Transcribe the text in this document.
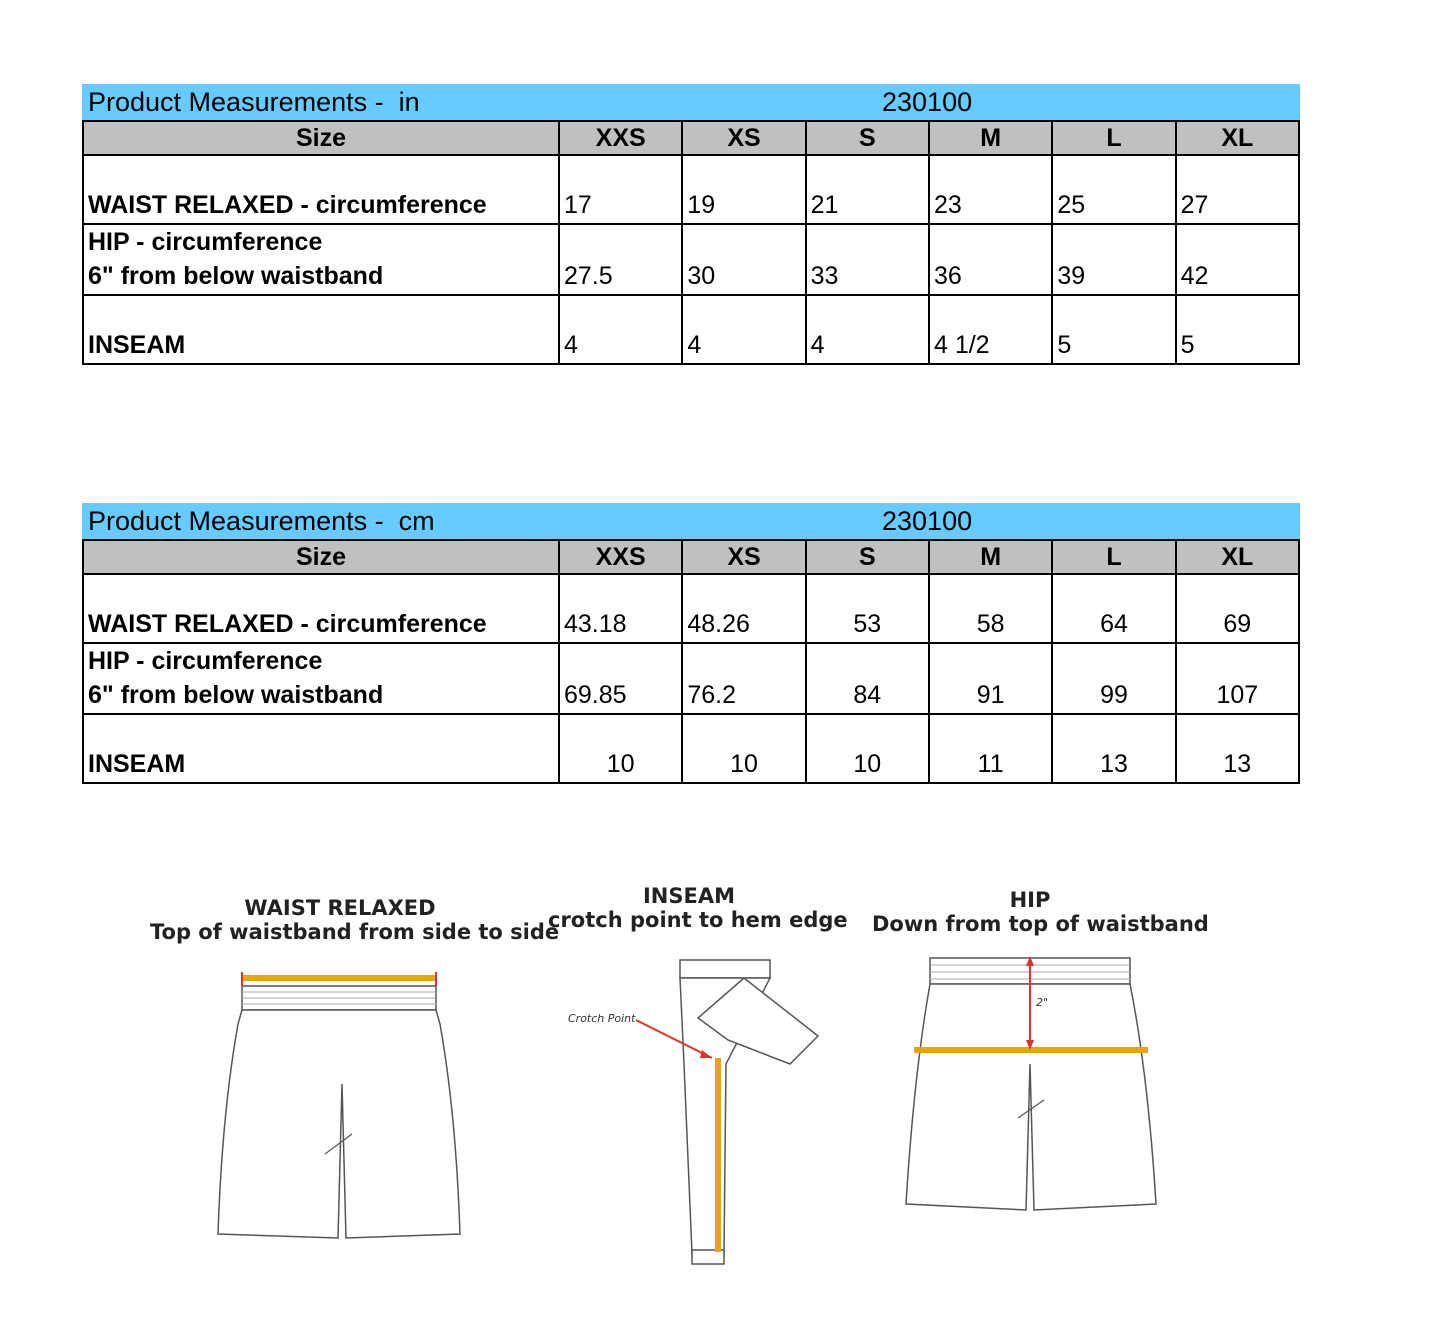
Product Measurements -  in	230100
Size	XXS	XS	S	M	L	XL
WAIST RELAXED - circumference	17	19	21	23	25	27
HIP - circumference
6" from below waistband	27.5	30	33	36	39	42
INSEAM	4	4	4	4 1/2	5	5
Product Measurements -  cm	230100
Size	XXS	XS	S	M	L	XL
WAIST RELAXED - circumference	43.18	48.26	53	58	64	69
HIP - circumference
6" from below waistband	69.85	76.2	84	91	99	107
INSEAM	10	10	10	11	13	13
WAIST RELAXED
Top of waistband from side to side
INSEAM
crotch point to hem edge
Crotch Point
HIP
Down from top of waistband
2"
